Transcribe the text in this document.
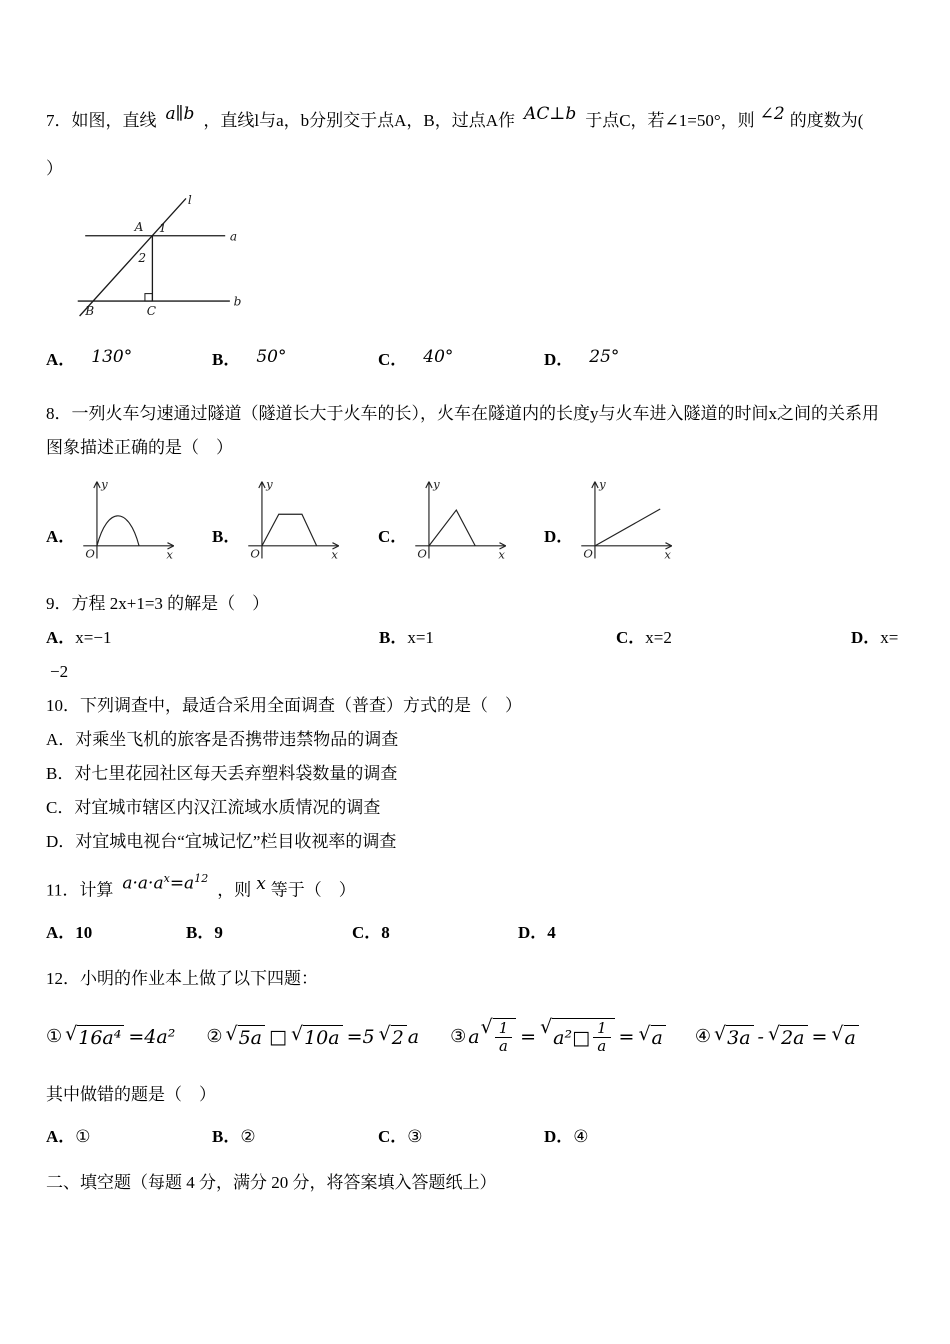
7．如图，直线 a∥b ，直线l与a，b分别交于点A，B，过点A作 AC⊥b 于点C，若∠1=50°，则 ∠2 的度数为(
）
l
A 1
a
2
B	C
b
A． 130°	B． 50°	C． 40°	D． 25°
8．一列火车匀速通过隧道（隧道长大于火车的长），火车在隧道内的长度y与火车进入隧道的时间x之间的关系用
图象描述正确的是（　）
A．
y
x
O
B．
y
x
O
C．
y
x
O
D．
y
x
O
9．方程 2x+1=3 的解是（　）
A．x=−1	B．x=1	C．x=2	D．x=
−2
10．下列调查中，最适合采用全面调查（普查）方式的是（　）
A．对乘坐飞机的旅客是否携带违禁物品的调查
B．对七里花园社区每天丢弃塑料袋数量的调查
C．对宜城市辖区内汉江流域水质情况的调查
D．对宜城电视台“宜城记忆”栏目收视率的调查
11．计算 $a\cdot a\cdot a^x=a^{12}$，则 x 等于（　）
A．10	B．9	C．8	D．4
12．小明的作业本上做了以下四题：
① √ 16a⁴ =4a² ② √ 5a □ √ 10a =5 √ 2 a ③ a √ $\frac{1}{a}$ = √ a²□ $\frac{1}{a}$ = √ a ④ √ 3a - √ 2a = √ a
其中做错的题是（　）
A．①	B．②	C．③	D．④
二、填空题（每题 4 分，满分 20 分，将答案填入答题纸上）
